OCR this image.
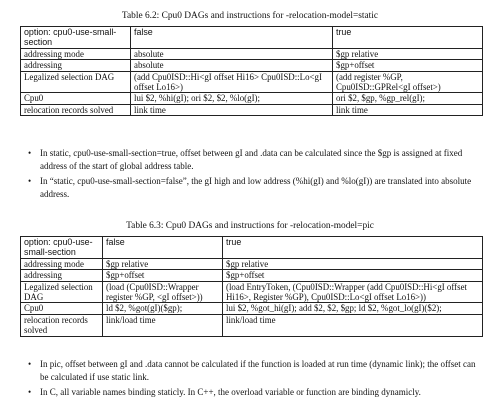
Table 6.2: Cpu0 DAGs and instructions for -relocation-model=static
option: cpu0-use-small-section	false	true
addressing mode	absolute	$gp relative
addressing	absolute	$gp+offset
Legalized selection DAG	(add Cpu0ISD::Hi<gI offset Hi16> Cpu0ISD::Lo<gI offset Lo16>)	(add register %GP, Cpu0ISD::GPRel<gI offset>)
Cpu0	lui $2, %hi(gI); ori $2, $2, %lo(gI);	ori $2, $gp, %gp_rel(gI);
relocation records solved	link time	link time
• In static, cpu0-use-small-section=true, offset between gI and .data can be calculated since the $gp is assigned at fixed address of the start of global address table.
• In “static, cpu0-use-small-section=false”, the gI high and low address (%hi(gI) and %lo(gI)) are translated into absolute address.
Table 6.3: Cpu0 DAGs and instructions for -relocation-model=pic
option: cpu0-use-small-section	false	true
addressing mode	$gp relative	$gp relative
addressing	$gp+offset	$gp+offset
Legalized selection DAG	(load (Cpu0ISD::Wrapper register %GP, <gI offset>))	(load EntryToken, (Cpu0ISD::Wrapper (add Cpu0ISD::Hi<gI offset Hi16>, Register %GP), Cpu0ISD::Lo<gI offset Lo16>))
Cpu0	ld $2, %got(gI)($gp);	lui $2, %got_hi(gI); add $2, $2, $gp; ld $2, %got_lo(gI)($2);
relocation records solved	link/load time	link/load time
• In pic, offset between gI and .data cannot be calculated if the function is loaded at run time (dynamic link); the offset can be calculated if use static link.
• In C, all variable names binding staticly. In C++, the overload variable or function are binding dynamicly.
